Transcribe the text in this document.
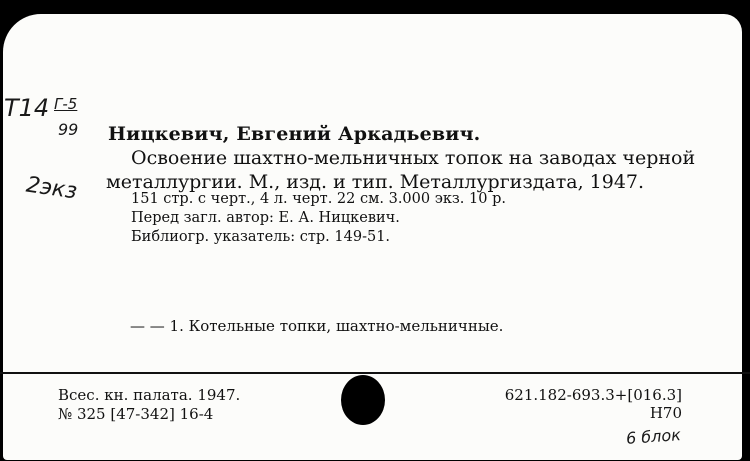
Т14 Г-5
99
2экз
Ницкевич, Евгений Аркадьевич.
Освоение шахтно-мельничных топок на заводах черной
металлургии. М., изд. и тип. Металлургиздата, 1947.
151 стр. с черт., 4 л. черт. 22 см. 3.000 экз. 10 р.
Перед загл. автор: Е. А. Ницкевич.
Библиогр. указатель: стр. 149-51.
— — 1. Котельные топки, шахтно-мельничные.
Всес. кн. палата. 1947.
№ 325 [47-342] 16-4
621.182-693.3+[016.3]
Н70
6 блок
